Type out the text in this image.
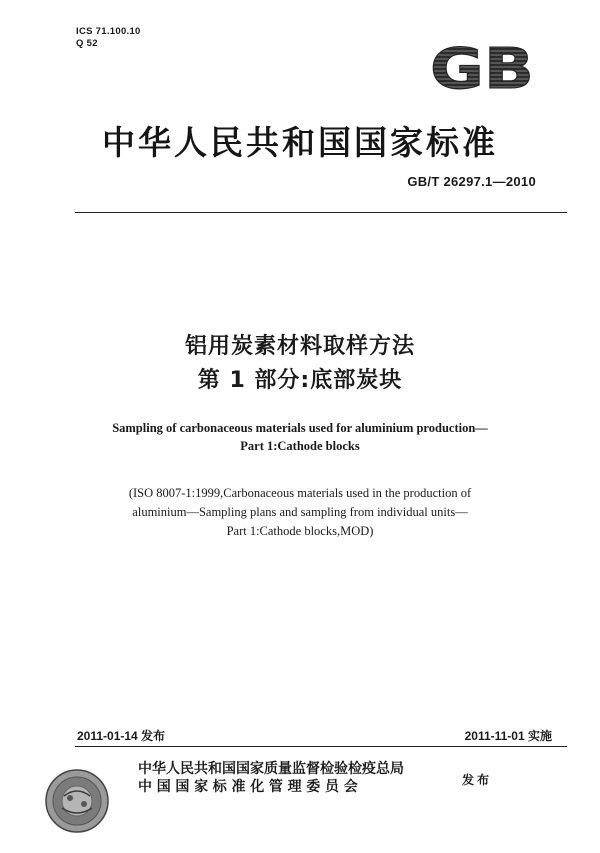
ICS 71.100.10
Q 52	GB
中华人民共和国国家标准
GB/T 26297.1—2010
铝用炭素材料取样方法
第 1 部分:底部炭块
Sampling of carbonaceous materials used for aluminium production—
Part 1:Cathode blocks
(ISO 8007-1:1999,Carbonaceous materials used in the production of
aluminium—Sampling plans and sampling from individual units—
Part 1:Cathode blocks,MOD)
2011-01-14 发布	2011-11-01 实施
中华人民共和国国家质量监督检验检疫总局
中国国家标准化管理委员会	发布
